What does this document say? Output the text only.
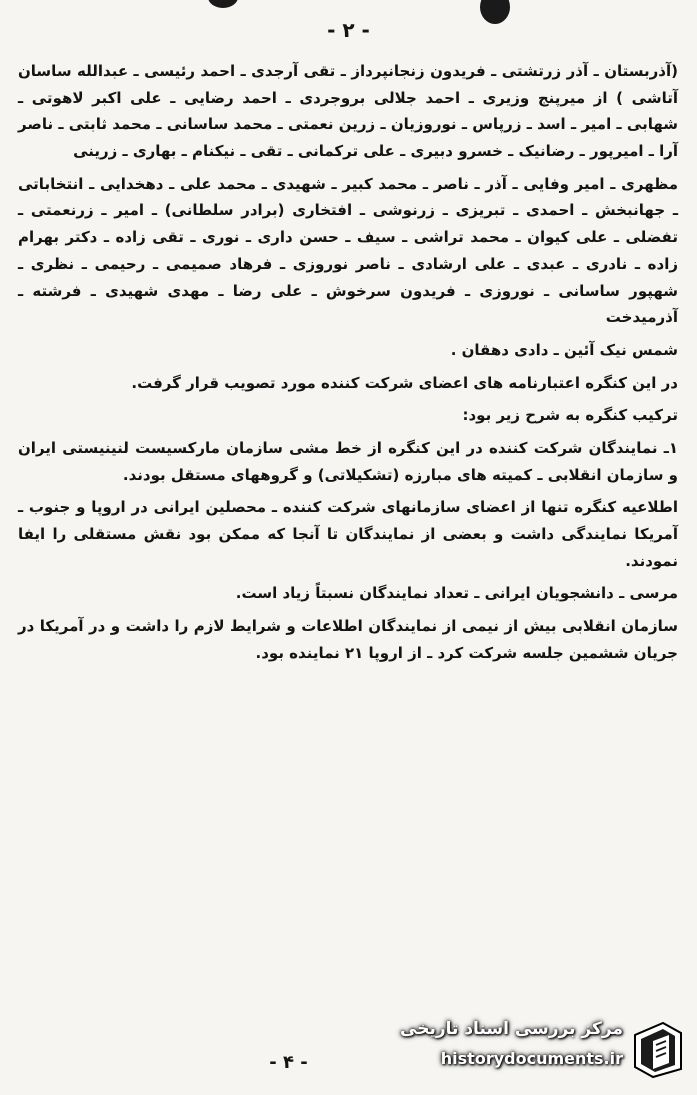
- ۲ -

(آذربستان ـ آذر زرتشتی ـ فریدون زنجانپرداز ـ تقی آرجدی ـ احمد رئیسی ـ عبدالله ساسان آتاشی ) از میرپنج وزیری ـ احمد جلالی بروجردی ـ احمد رضایی ـ علی اکبر لاهوتی ـ شهابی ـ امیر ـ اسد ـ زرپاس ـ نوروزیان ـ زرین نعمتی ـ محمد ساسانی ـ محمد ثابتی ـ ناصر آرا ـ امیرپور ـ رضانیک ـ خسرو دبیری ـ علی ترکمانی ـ تقی ـ نیکنام ـ بهاری ـ زرینی

مظهری ـ امیر وفایی ـ آذر ـ ناصر ـ محمد کبیر ـ شهیدی ـ محمد علی ـ دهخدایی ـ انتخاباتی ـ جهانبخش ـ احمدی ـ تبریزی ـ زرنوشی ـ افتخاری (برادر سلطانی) ـ امیر ـ زرنعمتی ـ تفضلی ـ علی کیوان ـ محمد تراشی ـ سیف ـ حسن داری ـ نوری ـ تقی زاده ـ دکتر بهرام زاده ـ نادری ـ عبدی ـ علی ارشادی ـ ناصر نوروزی ـ فرهاد صمیمی ـ رحیمی ـ نظری ـ شهپور ساسانی ـ نوروزی ـ فریدون سرخوش ـ علی رضا ـ مهدی شهیدی ـ فرشته ـ آذرمیدخت

شمس نیک آئین ـ دادی دهقان .

در این کنگره اعتبارنامه های اعضای شرکت کننده مورد تصویب قرار گرفت.

ترکیب کنگره به شرح زیر بود:

۱ـ نمایندگان شرکت کننده در این کنگره از خط مشی سازمان مارکسیست لنینیستی ایران و سازمان انقلابی ـ کمیته های مبارزه (تشکیلاتی) و گروههای مستقل بودند.

اطلاعیه کنگره تنها از اعضای سازمانهای شرکت کننده ـ محصلین ایرانی در اروپا و جنوب ـ آمریکا نمایندگی داشت و بعضی از نمایندگان تا آنجا که ممکن بود نقش مستقلی را ایفا نمودند.

مرسی ـ دانشجویان ایرانی ـ تعداد نمایندگان نسبتاً زیاد است.

سازمان انقلابی بیش از نیمی از نمایندگان اطلاعات و شرایط لازم را داشت و در آمریکا در جریان ششمین جلسه شرکت کرد ـ از اروپا ۲۱ نماینده بود.

- ۴ -
مرکز بررسی اسناد تاریخی
historydocuments.ir
